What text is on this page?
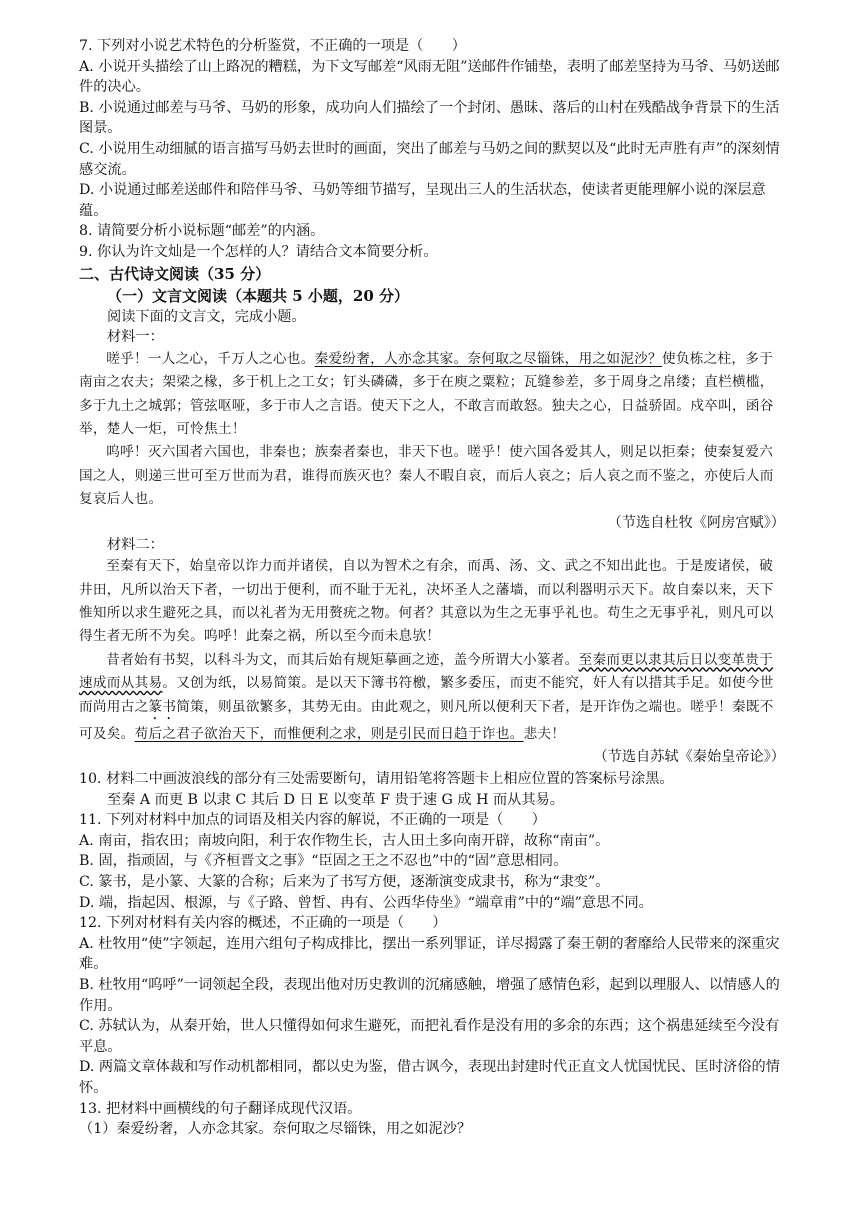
7. 下列对小说艺术特色的分析鉴赏，不正确的一项是（　　）

A. 小说开头描绘了山上路况的糟糕，为下文写邮差“风雨无阻”送邮件作铺垫，表明了邮差坚持为马爷、马奶送邮件的决心。

B. 小说通过邮差与马爷、马奶的形象，成功向人们描绘了一个封闭、愚昧、落后的山村在残酷战争背景下的生活图景。

C. 小说用生动细腻的语言描写马奶去世时的画面，突出了邮差与马奶之间的默契以及“此时无声胜有声”的深刻情感交流。

D. 小说通过邮差送邮件和陪伴马爷、马奶等细节描写，呈现出三人的生活状态，使读者更能理解小说的深层意蕴。

8. 请简要分析小说标题“邮差”的内涵。

9. 你认为许文灿是一个怎样的人？请结合文本简要分析。

二、古代诗文阅读（35 分）

（一）文言文阅读（本题共 5 小题，20 分）

阅读下面的文言文，完成小题。

材料一：

嗟乎！一人之心，千万人之心也。秦爱纷奢，人亦念其家。奈何取之尽锱铢，用之如泥沙？使负栋之柱，多于南亩之农夫；架梁之椽，多于机上之工女；钉头磷磷，多于在庾之粟粒；瓦缝参差，多于周身之帛缕；直栏横槛，多于九土之城郭；管弦呕哑，多于市人之言语。使天下之人，不敢言而敢怒。独夫之心，日益骄固。戍卒叫，函谷举，楚人一炬，可怜焦土！

呜呼！灭六国者六国也，非秦也；族秦者秦也，非天下也。嗟乎！使六国各爱其人，则足以拒秦；使秦复爱六国之人，则递三世可至万世而为君，谁得而族灭也？秦人不暇自哀，而后人哀之；后人哀之而不鉴之，亦使后人而复哀后人也。

（节选自杜牧《阿房宫赋》）

材料二：

至秦有天下，始皇帝以诈力而并诸侯，自以为智术之有余，而禹、汤、文、武之不知出此也。于是废诸侯，破井田，凡所以治天下者，一切出于便利，而不耻于无礼，决坏圣人之藩墙，而以利器明示天下。故自秦以来，天下惟知所以求生避死之具，而以礼者为无用赘疣之物。何者？其意以为生之无事乎礼也。苟生之无事乎礼，则凡可以得生者无所不为矣。呜呼！此秦之祸，所以至今而未息欤！

昔者始有书契，以科斗为文，而其后始有规矩摹画之迹，盖今所谓大小篆者。至秦而更以隶其后日以变革贵于速成而从其易。又创为纸，以易简策。是以天下簿书符檄，繁多委压，而吏不能究，奸人有以措其手足。如使今世而尚用古之篆书简策，则虽欲繁多，其势无由。由此观之，则凡所以便利天下者，是开诈伪之端也。嗟乎！秦既不可及矣。苟后之君子欲治天下，而惟便利之求，则是引民而日趋于诈也。悲夫！

（节选自苏轼《秦始皇帝论》）

10. 材料二中画波浪线的部分有三处需要断句，请用铅笔将答题卡上相应位置的答案标号涂黑。

至秦 A 而更 B 以隶 C 其后 D 日 E 以变革 F 贵于速 G 成 H 而从其易。

11. 下列对材料中加点的词语及相关内容的解说，不正确的一项是（　　）

A. 南亩，指农田；南坡向阳，利于农作物生长，古人田土多向南开辟，故称“南亩”。

B. 固，指顽固，与《齐桓晋文之事》“臣固之王之不忍也”中的“固”意思相同。

C. 篆书，是小篆、大篆的合称；后来为了书写方便，逐渐演变成隶书，称为“隶变”。

D. 端，指起因、根源，与《子路、曾皙、冉有、公西华侍坐》“端章甫”中的“端”意思不同。

12. 下列对材料有关内容的概述，不正确的一项是（　　）

A. 杜牧用“使”字领起，连用六组句子构成排比，摆出一系列罪证，详尽揭露了秦王朝的奢靡给人民带来的深重灾难。

B. 杜牧用“呜呼”一词领起全段，表现出他对历史教训的沉痛感触，增强了感情色彩，起到以理服人、以情感人的作用。

C. 苏轼认为，从秦开始，世人只懂得如何求生避死，而把礼看作是没有用的多余的东西；这个祸患延续至今没有平息。

D. 两篇文章体裁和写作动机都相同，都以史为鉴，借古讽今，表现出封建时代正直文人忧国忧民、匡时济俗的情怀。

13. 把材料中画横线的句子翻译成现代汉语。

（1）秦爱纷奢，人亦念其家。奈何取之尽锱铢，用之如泥沙？
